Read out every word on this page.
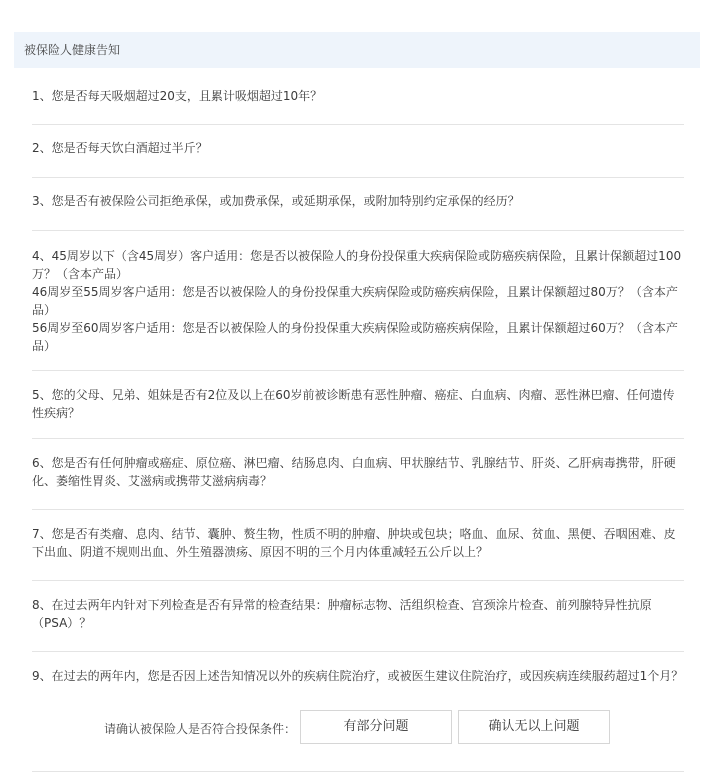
被保险人健康告知

1、您是否每天吸烟超过20支，且累计吸烟超过10年？

2、您是否每天饮白酒超过半斤？

3、您是否有被保险公司拒绝承保，或加费承保，或延期承保，或附加特别约定承保的经历？

4、45周岁以下（含45周岁）客户适用：您是否以被保险人的身份投保重大疾病保险或防癌疾病保险，且累计保额超过100万？（含本产品）

46周岁至55周岁客户适用：您是否以被保险人的身份投保重大疾病保险或防癌疾病保险，且累计保额超过80万？（含本产品）

56周岁至60周岁客户适用：您是否以被保险人的身份投保重大疾病保险或防癌疾病保险，且累计保额超过60万？（含本产品）

5、您的父母、兄弟、姐妹是否有2位及以上在60岁前被诊断患有恶性肿瘤、癌症、白血病、肉瘤、恶性淋巴瘤、任何遗传性疾病？

6、您是否有任何肿瘤或癌症、原位癌、淋巴瘤、结肠息肉、白血病、甲状腺结节、乳腺结节、肝炎、乙肝病毒携带，肝硬化、萎缩性胃炎、艾滋病或携带艾滋病病毒？

7、您是否有类瘤、息肉、结节、囊肿、赘生物，性质不明的肿瘤、肿块或包块；咯血、血尿、贫血、黑便、吞咽困难、皮下出血、阴道不规则出血、外生殖器溃疡、原因不明的三个月内体重减轻五公斤以上？

8、在过去两年内针对下列检查是否有异常的检查结果：肿瘤标志物、活组织检查、宫颈涂片检查、前列腺特异性抗原（PSA）？

9、在过去的两年内，您是否因上述告知情况以外的疾病住院治疗，或被医生建议住院治疗，或因疾病连续服药超过1个月？

请确认被保险人是否符合投保条件：	有部分问题	确认无以上问题
